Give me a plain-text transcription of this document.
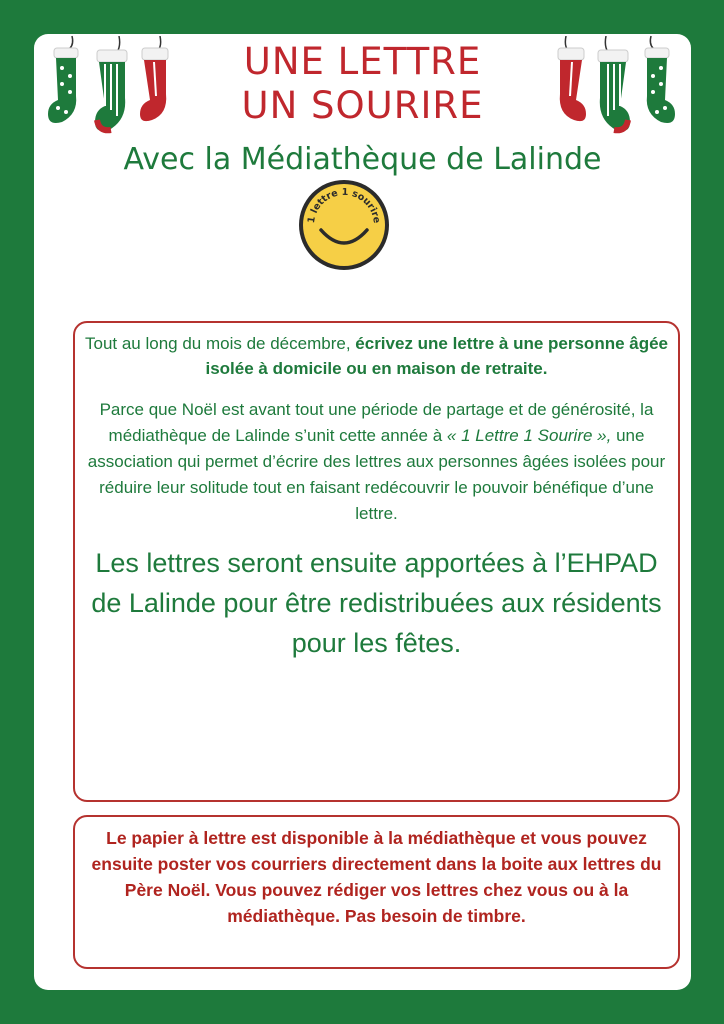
UNE LETTRE
UN SOURIRE
Avec la Médiathèque de Lalinde
1 lettre 1 sourire

Tout au long du mois de décembre, écrivez une lettre à une personne âgée isolée à domicile ou en maison de retraite.

Parce que Noël est avant tout une période de partage et de générosité, la médiathèque de Lalinde s’unit cette année à « 1 Lettre 1 Sourire », une association qui permet d’écrire des lettres aux personnes âgées isolées pour réduire leur solitude tout en faisant redécouvrir le pouvoir bénéfique d’une lettre.

Les lettres seront ensuite apportées à l’EHPAD de Lalinde pour être redistribuées aux résidents pour les fêtes.

Le papier à lettre est disponible à la médiathèque et vous pouvez ensuite poster vos courriers directement dans la boite aux lettres du Père Noël. Vous pouvez rédiger vos lettres chez vous ou à la médiathèque. Pas besoin de timbre.
